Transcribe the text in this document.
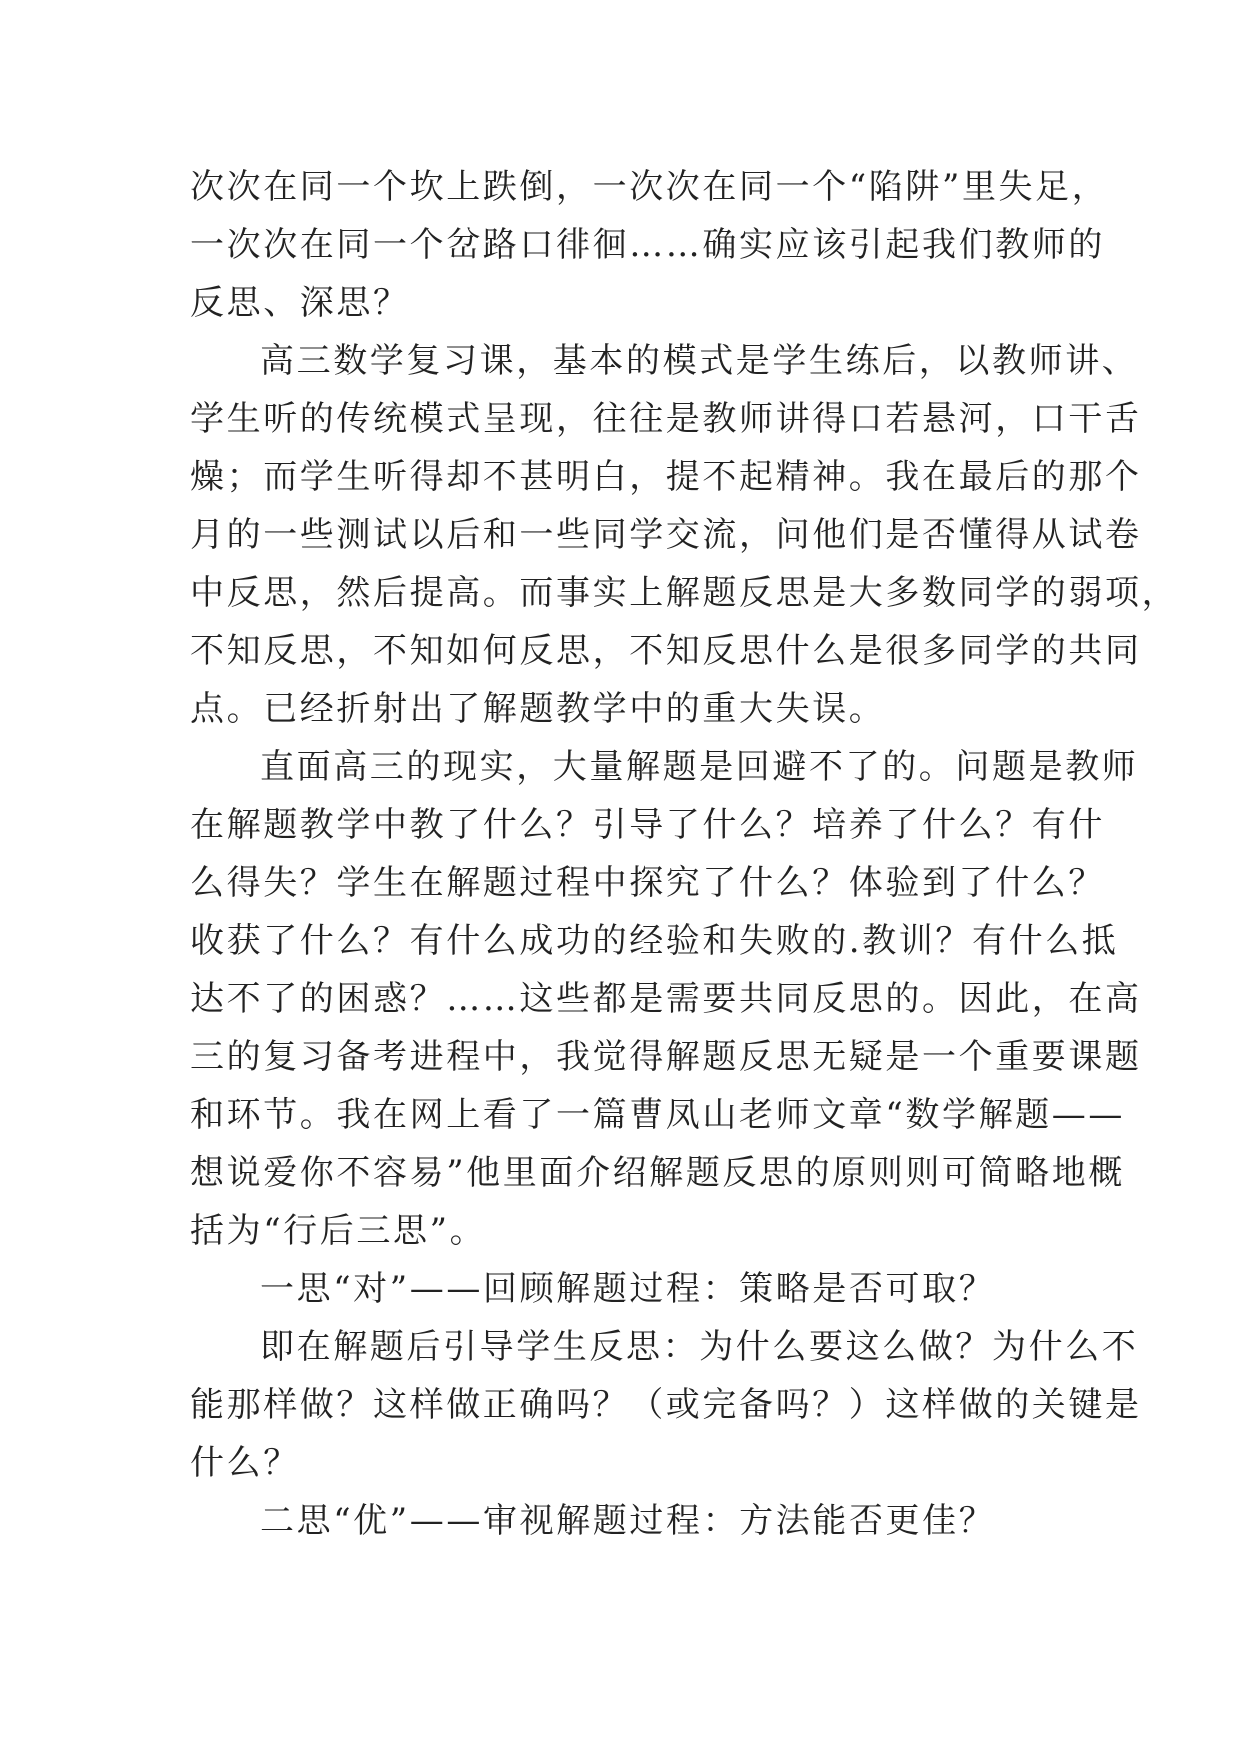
次次在同一个坎上跌倒，一次次在同一个“陷阱”里失足，
一次次在同一个岔路口徘徊……确实应该引起我们教师的
反思、深思？
高三数学复习课，基本的模式是学生练后，以教师讲、
学生听的传统模式呈现，往往是教师讲得口若悬河，口干舌
燥；而学生听得却不甚明白，提不起精神。我在最后的那个
月的一些测试以后和一些同学交流，问他们是否懂得从试卷
中反思，然后提高。而事实上解题反思是大多数同学的弱项，
不知反思，不知如何反思，不知反思什么是很多同学的共同
点。已经折射出了解题教学中的重大失误。
直面高三的现实，大量解题是回避不了的。问题是教师
在解题教学中教了什么？引导了什么？培养了什么？有什
么得失？学生在解题过程中探究了什么？体验到了什么？
收获了什么？有什么成功的经验和失败的.教训？有什么抵
达不了的困惑？……这些都是需要共同反思的。因此，在高
三的复习备考进程中，我觉得解题反思无疑是一个重要课题
和环节。我在网上看了一篇曹凤山老师文章“数学解题——
想说爱你不容易”他里面介绍解题反思的原则则可简略地概
括为“行后三思”。
一思“对”——回顾解题过程：策略是否可取？
即在解题后引导学生反思：为什么要这么做？为什么不
能那样做？这样做正确吗？（或完备吗？）这样做的关键是
什么？
二思“优”——审视解题过程：方法能否更佳？
